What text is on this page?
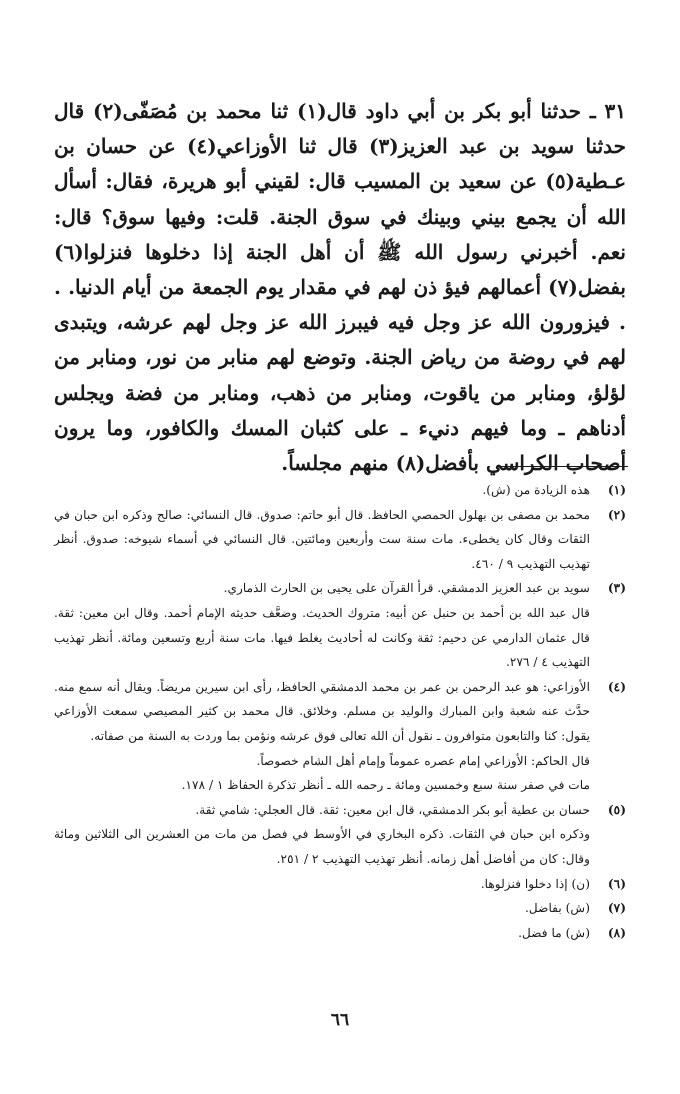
٣١ ـ حدثنا أبو بكر بن أبي داود قال(١) ثنا محمد بن مُصَفّى(٢) قال حدثنا سويد بن عبد العزيز(٣) قال ثنا الأوزاعي(٤) عن حسان بن عـطية(٥) عن سعيد بن المسيب قال: لقيني أبو هريرة، فقال: أسأل الله أن يجمع بيني وبينك في سوق الجنة. قلت: وفيها سوق؟ قال: نعم. أخبرني رسول الله ﷺ أن أهل الجنة إذا دخلوها فنزلوا(٦) بفضل(٧) أعمالهم فيؤ ذن لهم في مقدار يوم الجمعة من أيام الدنيا. . . فيزورون الله عز وجل فيه فيبرز الله عز وجل لهم عرشه، ويتبدى لهم في روضة من رياض الجنة. وتوضع لهم منابر من نور، ومنابر من لؤلؤ، ومنابر من ياقوت، ومنابر من ذهب، ومنابر من فضة ويجلس أدناهم ـ وما فيهم دنيء ـ على كثبان المسك والكافور، وما يرون أصحاب الكراسي بأفضل(٨) منهم مجلساً.
(١)
هذه الزيادة من (ش).
(٢)
محمد بن مصفى بن بهلول الحمصي الحافظ. قال أبو حاتم: صدوق. قال النسائي: صالح وذكره ابن حبان في الثقات وقال كان يخطىء. مات سنة ست وأربعين ومائتين. قال النسائي في أسماء شيوخه: صدوق. أنظر تهذيب التهذيب ٩ / ٤٦٠.
(٣)
سويد بن عبد العزيز الدمشقي. قرأ القرآن على يحيى بن الحارث الذماري.
قال عبد الله بن أحمد بن حنبل عن أبيه: متروك الحديث. وضعَّف حديثه الإمام أحمد. وقال ابن معين: ثقة. قال عثمان الدارمي عن دحيم: ثقة وكانت له أحاديث يغلط فيها. مات سنة أربع وتسعين ومائة. أنظر تهذيب التهذيب ٤ / ٢٧٦.
(٤)
الأوزاعي: هو عبد الرحمن بن عمر بن محمد الدمشقي الحافظ، رأى ابن سيرين مريضاً. ويقال أنه سمع منه. حدَّث عنه شعبة وابن المبارك والوليد بن مسلم. وخلائق. قال محمد بن كثير المصيصي سمعت الأوزاعي يقول: كنا والتابعون متوافرون ـ نقول أن الله تعالى فوق عرشه ونؤمن بما وردت به السنة من صفاته.
قال الحاكم: الأوزاعي إمام عصره عموماً وإمام أهل الشام خصوصاً.
مات في صفر سنة سبع وخمسين ومائة ـ رحمه الله ـ أنظر تذكرة الحفاظ ١ / ١٧٨.
(٥)
حسان بن عطية أبو بكر الدمشقي، قال ابن معين: ثقة. قال العجلي: شامي ثقة.
وذكره ابن حبان في الثقات. ذكره البخاري في الأوسط في فصل من مات من العشرين الى الثلاثين ومائة وقال: كان من أفاضل أهل زمانه. أنظر تهذيب التهذيب ٢ / ٢٥١.
(٦)
(ن) إذا دخلوا فنزلوها.
(٧)
(ش) بفاضل.
(٨)
(ش) ما فضل.
٦٦
